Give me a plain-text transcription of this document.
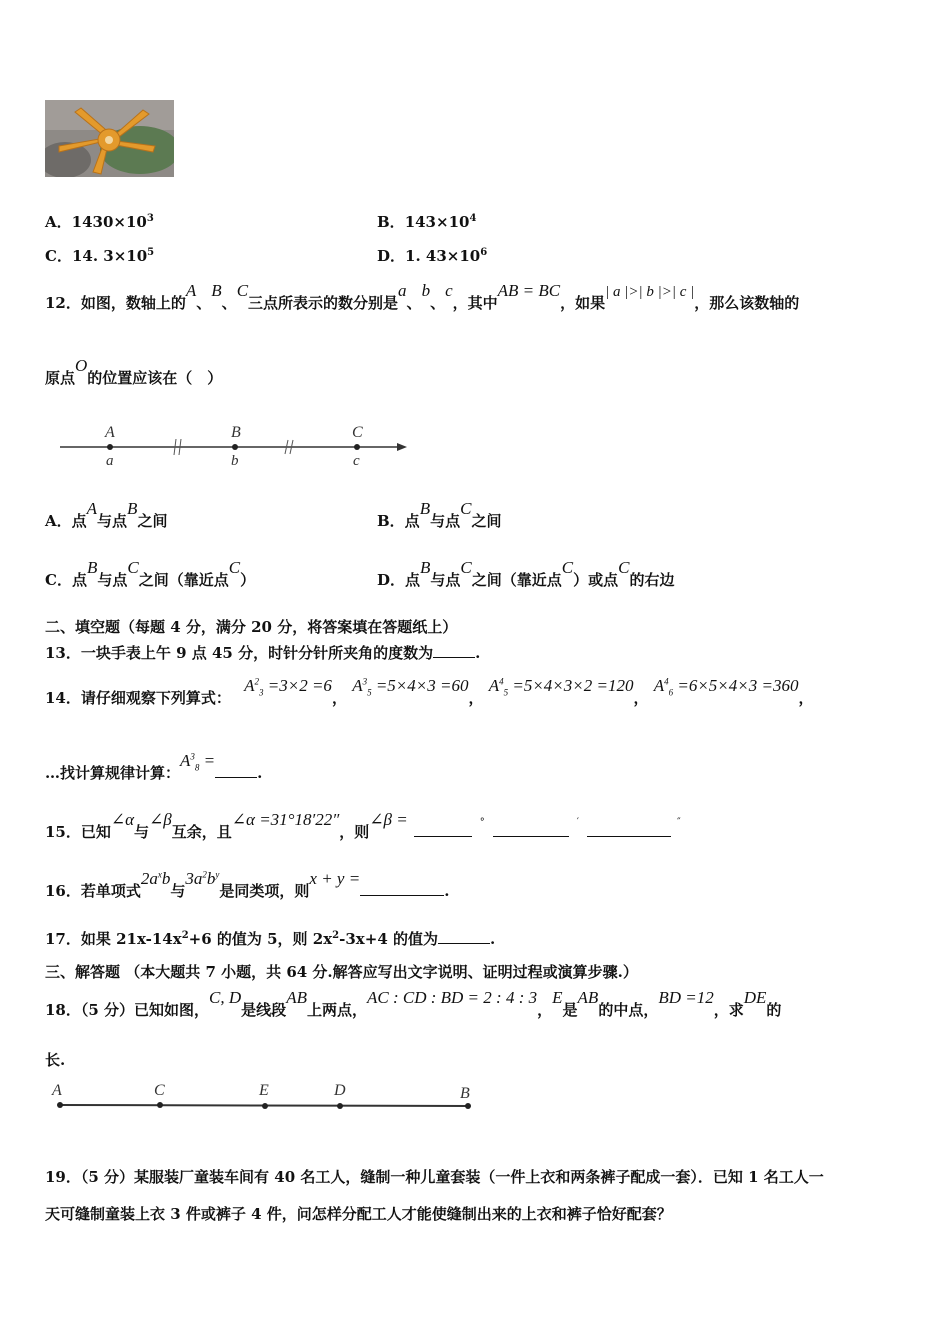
A．$1430\times 10^3$	B．$143\times 10^4$
C．14. $3\times 10^5$	D．1. $43\times 10^6$
12．如图，数轴上的A、B、C三点所表示的数分别是a、b、c，其中AB = BC，如果| a |>| b |>| c |，那么该数轴的
原点O的位置应该在（　）
A	B	C
a	b	c
A．点A与点B之间	B．点B与点C之间
C．点B与点C之间（靠近点C）	D．点B与点C之间（靠近点C）或点C的右边
二、填空题（每题 4 分，满分 20 分，将答案填在答题纸上）
13．一块手表上午 9 点 45 分，时针分针所夹角的度数为	.
14．请仔细观察下列算式： $A^2_3 =3\times 2 =6$， $A^3_5 =5\times 4\times 3 =60$， $A^4_5 =5\times 4\times 3\times 2 =120$， $A^4_6 =6\times 5\times 4\times 3 =360$，
…找计算规律计算：$A^3_8$ =.
15．已知∠α与∠β互余，且∠α =31°18′22″，则∠β =	°	′	″
16．若单项式$2a^xb$与$3a^2b^y$是同类项，则x + y =.
17．如果 $21x-14x^2+6$ 的值为 5，则 $2x^2-3x+4$ 的值为	.
三、解答题 （本大题共 7 小题，共 64 分.解答应写出文字说明、证明过程或演算步骤.）
18．（5 分）已知如图，C, D是线段AB上两点，AC : CD : BD = 2 : 4 : 3，E是AB的中点，BD =12，求DE的
长.
A	C	E	D	B
19．（5 分）某服装厂童装车间有 40 名工人，缝制一种儿童套装（一件上衣和两条裤子配成一套）．已知 1 名工人一
天可缝制童装上衣 3 件或裤子 4 件，问怎样分配工人才能使缝制出来的上衣和裤子恰好配套？
